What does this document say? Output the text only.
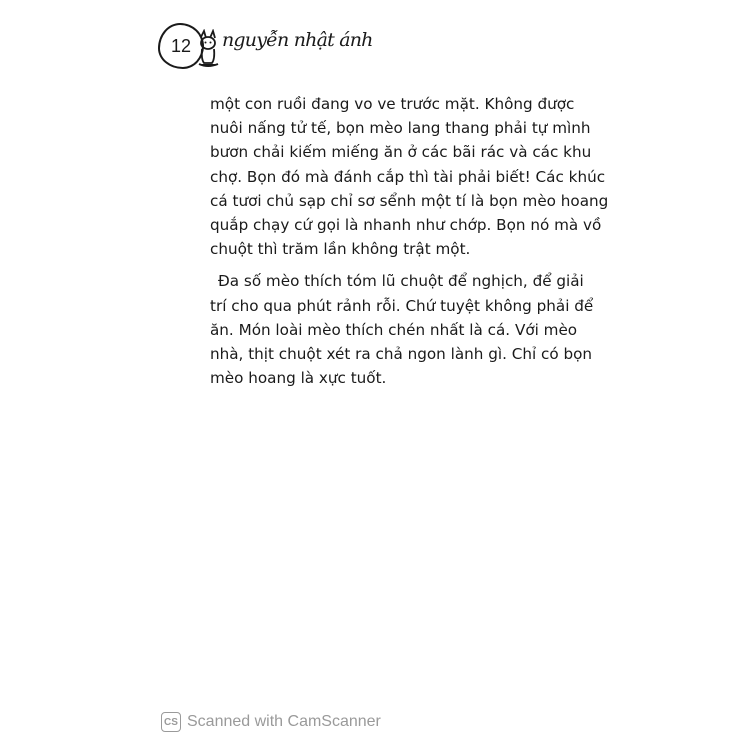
12 nguyễn nhật ánh
một con ruồi đang vo ve trước mặt. Không được
nuôi nấng tử tế, bọn mèo lang thang phải tự mình
bươn chải kiếm miếng ăn ở các bãi rác và các khu
chợ. Bọn đó mà đánh cắp thì tài phải biết! Các khúc
cá tươi chủ sạp chỉ sơ sểnh một tí là bọn mèo hoang
quắp chạy cứ gọi là nhanh như chớp. Bọn nó mà vồ
chuột thì trăm lần không trật một.
Đa số mèo thích tóm lũ chuột để nghịch, để giải
trí cho qua phút rảnh rỗi. Chứ tuyệt không phải để
ăn. Món loài mèo thích chén nhất là cá. Với mèo
nhà, thịt chuột xét ra chả ngon lành gì. Chỉ có bọn
mèo hoang là xực tuốt.
CS Scanned with CamScanner
